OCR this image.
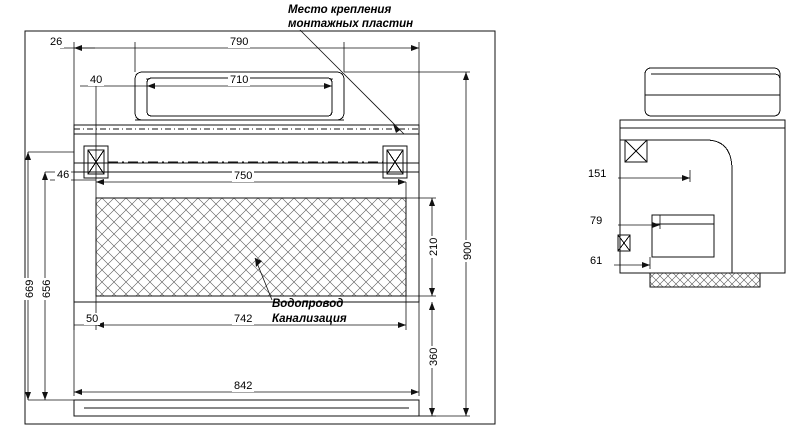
Место крепления
монтажных пластин
Водопровод
Канализация
26	790
40	710
46	750
50	742
842
669 656
210
360
900
151
79
61
